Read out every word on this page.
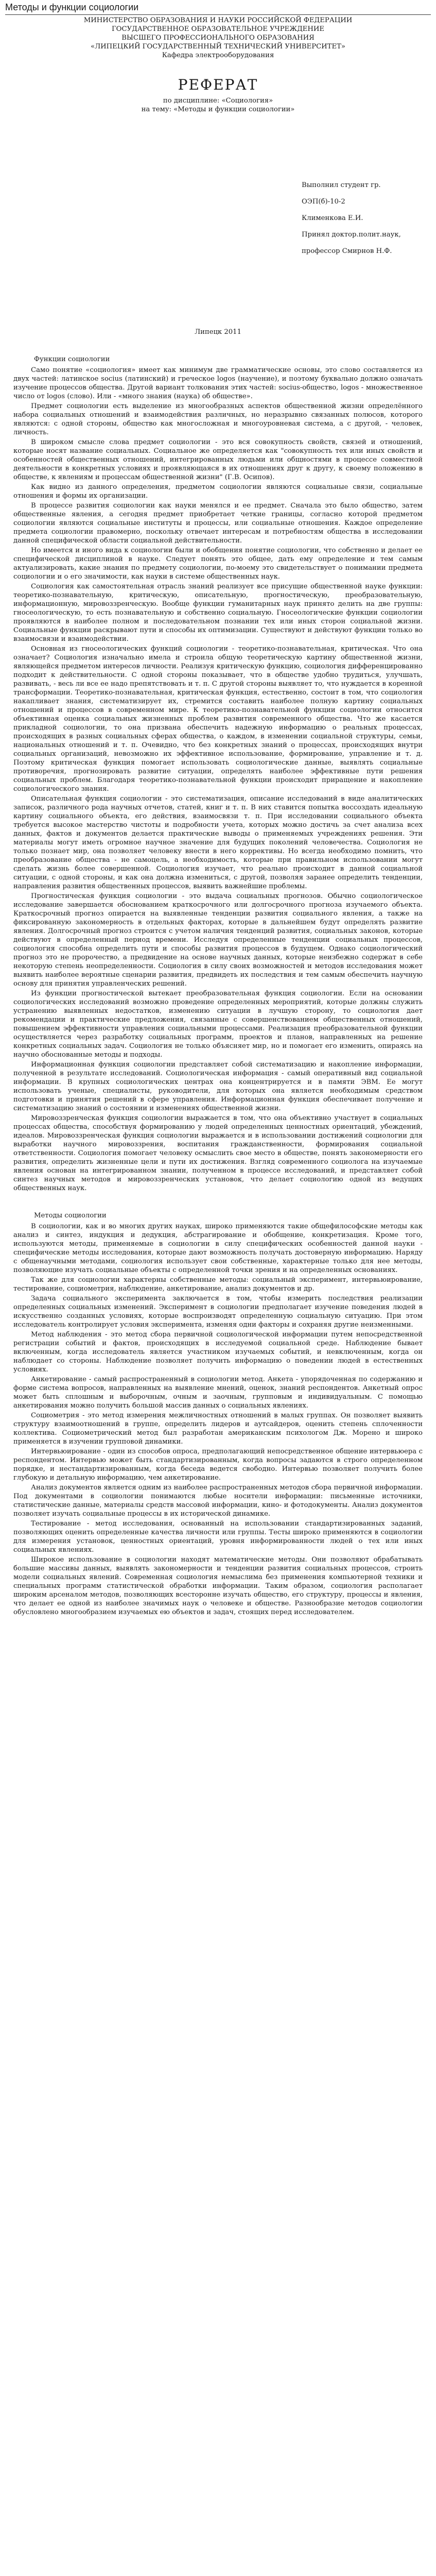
Методы и функции социологии

МИНИСТЕРСТВО ОБРАЗОВАНИЯ И НАУКИ РОССИЙСКОЙ ФЕДЕРАЦИИ

ГОСУДАРСТВЕННОЕ ОБРАЗОВАТЕЛЬНОЕ УЧРЕЖДЕНИЕ

ВЫСШЕГО ПРОФЕССИОНАЛЬНОГО ОБРАЗОВАНИЯ

«ЛИПЕЦКИЙ ГОСУДАРСТВЕННЫЙ ТЕХНИЧЕСКИЙ УНИВЕРСИТЕТ»

Кафедра электрооборудования

РЕФЕРАТ

по дисциплине: «Социология»

на тему: «Методы и функции социологии»

Выполнил студент гр.

ОЭП(б)-10-2

Клименкова Е.И.

Принял доктор.полит.наук,

профессор Смирнов Н.Ф.

Липецк 2011

Функции социологии

Само понятие «социология» имеет как минимум две грамматические основы, это слово составляется из двух частей: латинское socius (латинский) и греческое logos (научение), и поэтому буквально должно означать изучение процессов общества. Другой вариант толкования этих частей: socius-общество, logos - множественное число от logos (слово). Или - «много знания (наука) об обществе».

Предмет социологии есть выделение из многообразных аспектов общественной жизни определённого набора социальных отношений и взаимодействия различных, но неразрывно связанных полюсов, которого являются: с одной стороны, общество как многосложная и многоуровневая система, а с другой, - человек, личность.

В широком смысле слова предмет социологии - это вся совокупность свойств, связей и отношений, которые носят название социальных. Социальное же определяется как "совокупность тех или иных свойств и особенностей общественных отношений, интегрированных людьми или общностями в процессе совместной деятельности в конкретных условиях и проявляющаяся в их отношениях друг к другу, к своему положению в обществе, к явлениям и процессам общественной жизни" (Г.В. Осипов).

Как видно из данного определения, предметом социологии являются социальные связи, социальные отношения и формы их организации.

В процессе развития социологии как науки менялся и ее предмет. Сначала это было общество, затем общественные явления, а сегодня предмет приобретает четкие границы, согласно которой предметом социологии являются социальные институты и процессы, или социальные отношения. Каждое определение предмета социологии правомерно, поскольку отвечает интересам и потребностям общества в исследовании данной специфической области социальной действительности.

Но имеется и иного вида к социологии были и обобщения понятие социологии, что собственно и делает ее специфической дисциплиной в науке. Следует понять это общее, дать ему определение и тем самым актуализировать, какие знания по предмету социологии, по-моему это свидетельствует о понимании предмета социологии и о его значимости, как науки в системе общественных наук.

Социология как самостоятельная отрасль знаний реализует все присущие общественной науке функции: теоретико-познавательную, критическую, описательную, прогностическую, преобразовательную, информационную, мировоззренческую. Вообще функции гуманитарных наук принято делить на две группы: гносеологическую, то есть познавательную и собственно социальную. Гносеологические функции социологии проявляются в наиболее полном и последовательном познании тех или иных сторон социальной жизни. Социальные функции раскрывают пути и способы их оптимизации. Существуют и действуют функции только во взаимосвязи и взаимодействии.

Основная из гносеологических функций социологии - теоретико-познавательная, критическая. Что она означает? Социология изначально имела и строила общую теоретическую картину общественной жизни, являющейся предметом интересов личности. Реализуя критическую функцию, социология дифференцированно подходит к действительности. С одной стороны показывает, что в обществе удобно трудиться, улучшать, развивать, - весь ли все ее надо препятствовать и т. п. С другой стороны выявляет то, что нуждается в коренной трансформации. Теоретико-познавательная, критическая функция, естественно, состоит в том, что социология накапливает знания, систематизирует их, стремится составить наиболее полную картину социальных отношений и процессов в современном мире. К теоретико-познавательной функции социологии относится объективная оценка социальных жизненных проблем развития современного общества. Что же касается прикладной социологии, то она призвана обеспечить надежную информацию о реальных процессах, происходящих в разных социальных сферах общества, о каждом, в изменении социальной структуры, семьи, национальных отношений и т. п. Очевидно, что без конкретных знаний о процессах, происходящих внутри социальных организаций, невозможно их эффективное использование, формирование, управление и т. д. Поэтому критическая функция помогает использовать социологические данные, выявлять социальные противоречия, прогнозировать развитие ситуации, определять наиболее эффективные пути решения социальных проблем. Благодаря теоретико-познавательной функции происходит приращение и накопление социологического знания.

Описательная функция социологии - это систематизация, описание исследований в виде аналитических записок, различного рода научных отчетов, статей, книг и т. п. В них ставится попытка воссоздать идеальную картину социального объекта, его действия, взаимосвязи т. п. При исследовании социального объекта требуется высокое мастерство чистоты и подробности учета, которых можно достичь за счет анализа всех данных, фактов и документов делается практические выводы о применяемых учреждениях решения. Эти материалы могут иметь огромное научное значение для будущих поколений человечества. Социология не только познает мир, она позволяет человеку внести в него коррективы. Но всегда необходимо помнить, что преобразование общества - не самоцель, а необходимость, которые при правильном использовании могут сделать жизнь более совершенной. Социология изучает, что реально происходит в данной социальной ситуации, с одной стороны, и как она должна измениться, с другой, позволяя заранее определить тенденции, направления развития общественных процессов, выявить важнейшие проблемы.

Прогностическая функция социологии - это выдача социальных прогнозов. Обычно социологическое исследование завершается обоснованием краткосрочного или долгосрочного прогноза изучаемого объекта. Краткосрочный прогноз опирается на выявленные тенденции развития социального явления, а также на фиксированную закономерность в отдельных факторах, которые в дальнейшем будут определять развитие явления. Долгосрочный прогноз строится с учетом наличия тенденций развития, социальных законов, которые действуют в определенный период времени. Исследуя определенные тенденции социальных процессов, социология способна определить пути и способы развития процессов в будущем. Однако социологический прогноз это не пророчество, а предвидение на основе научных данных, которые неизбежно содержат в себе некоторую степень неопределенности. Социология в силу своих возможностей и методов исследования может выявить наиболее вероятные сценарии развития, предвидеть их последствия и тем самым обеспечить научную основу для принятия управленческих решений.

Из функции прогностической вытекает преобразовательная функция социологии. Если на основании социологических исследований возможно проведение определенных мероприятий, которые должны служить устранению выявленных недостатков, изменению ситуации в лучшую сторону, то социология дает рекомендации и практические предложения, связанные с совершенствованием общественных отношений, повышением эффективности управления социальными процессами. Реализация преобразовательной функции осуществляется через разработку социальных программ, проектов и планов, направленных на решение конкретных социальных задач. Социология не только объясняет мир, но и помогает его изменить, опираясь на научно обоснованные методы и подходы.

Информационная функция социологии представляет собой систематизацию и накопление информации, полученной в результате исследований. Социологическая информация - самый оперативный вид социальной информации. В крупных социологических центрах она концентрируется и в памяти ЭВМ. Ее могут использовать ученые, специалисты, руководители, для которых она является необходимым средством подготовки и принятия решений в сфере управления. Информационная функция обеспечивает получение и систематизацию знаний о состоянии и изменениях общественной жизни.

Мировоззренческая функция социологии выражается в том, что она объективно участвует в социальных процессах общества, способствуя формированию у людей определенных ценностных ориентаций, убеждений, идеалов. Мировоззренческая функция социологии выражается и в использовании достижений социологии для выработки научного мировоззрения, воспитания гражданственности, формирования социальной ответственности. Социология помогает человеку осмыслить свое место в обществе, понять закономерности его развития, определить жизненные цели и пути их достижения. Взгляд современного социолога на изучаемые явления основан на интегрированном знании, полученном в процессе исследований, и представляет собой синтез научных методов и мировоззренческих установок, что делает социологию одной из ведущих общественных наук.

Методы социологии

В социологии, как и во многих других науках, широко применяются такие общефилософские методы как анализ и синтез, индукция и дедукция, абстрагирование и обобщение, конкретизация. Кроме того, используются методы, применяемые в социологии в силу специфических особенностей данной науки - специфические методы исследования, которые дают возможность получать достоверную информацию. Наряду с общенаучными методами, социология использует свои собственные, характерные только для нее методы, позволяющие изучать социальные объекты с определенной точки зрения и на определенных основаниях.

Так же для социологии характерны собственные методы: социальный эксперимент, интервьюирование, тестирование, социометрия, наблюдение, анкетирование, анализ документов и др.

Задача социального эксперимента заключается в том, чтобы измерить последствия реализации определенных социальных изменений. Эксперимент в социологии предполагает изучение поведения людей в искусственно созданных условиях, которые воспроизводят определенную социальную ситуацию. При этом исследователь контролирует условия эксперимента, изменяя одни факторы и сохраняя другие неизменными.

Метод наблюдения - это метод сбора первичной социологической информации путем непосредственной регистрации событий и фактов, происходящих в исследуемой социальной среде. Наблюдение бывает включенным, когда исследователь является участником изучаемых событий, и невключенным, когда он наблюдает со стороны. Наблюдение позволяет получить информацию о поведении людей в естественных условиях.

Анкетирование - самый распространенный в социологии метод. Анкета - упорядоченная по содержанию и форме система вопросов, направленных на выявление мнений, оценок, знаний респондентов. Анкетный опрос может быть сплошным и выборочным, очным и заочным, групповым и индивидуальным. С помощью анкетирования можно получить большой массив данных о социальных явлениях.

Социометрия - это метод измерения межличностных отношений в малых группах. Он позволяет выявить структуру взаимоотношений в группе, определить лидеров и аутсайдеров, оценить степень сплоченности коллектива. Социометрический метод был разработан американским психологом Дж. Морено и широко применяется в изучении групповой динамики.

Интервьюирование - один из способов опроса, предполагающий непосредственное общение интервьюера с респондентом. Интервью может быть стандартизированным, когда вопросы задаются в строго определенном порядке, и нестандартизированным, когда беседа ведется свободно. Интервью позволяет получить более глубокую и детальную информацию, чем анкетирование.

Анализ документов является одним из наиболее распространенных методов сбора первичной информации. Под документами в социологии понимаются любые носители информации: письменные источники, статистические данные, материалы средств массовой информации, кино- и фотодокументы. Анализ документов позволяет изучать социальные процессы в их исторической динамике.

Тестирование - метод исследования, основанный на использовании стандартизированных заданий, позволяющих оценить определенные качества личности или группы. Тесты широко применяются в социологии для измерения установок, ценностных ориентаций, уровня информированности людей о тех или иных социальных явлениях.

Широкое использование в социологии находят математические методы. Они позволяют обрабатывать большие массивы данных, выявлять закономерности и тенденции развития социальных процессов, строить модели социальных явлений. Современная социология немыслима без применения компьютерной техники и специальных программ статистической обработки информации. Таким образом, социология располагает широким арсеналом методов, позволяющих всесторонне изучать общество, его структуру, процессы и явления, что делает ее одной из наиболее значимых наук о человеке и обществе. Разнообразие методов социологии обусловлено многообразием изучаемых ею объектов и задач, стоящих перед исследователем.
